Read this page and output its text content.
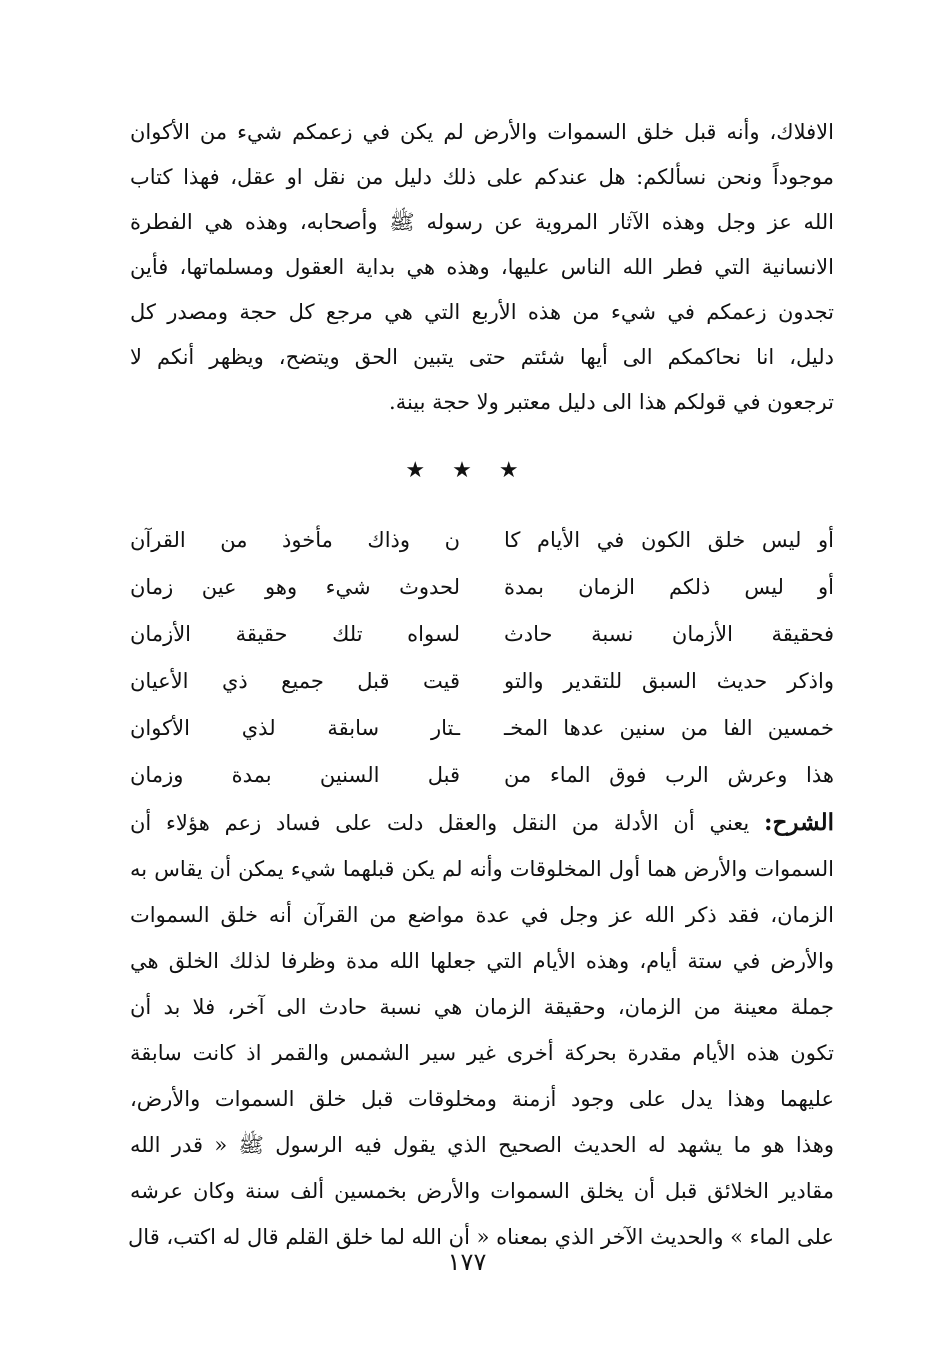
الافلاك، وأنه قبل خلق السموات والأرض لم يكن في زعمكم شيء من الأكوان
موجوداً ونحن نسألكم: هل عندكم على ذلك دليل من نقل او عقل، فهذا كتاب
الله عز وجل وهذه الآثار المروية عن رسوله ﷺ وأصحابه، وهذه هي الفطرة
الانسانية التي فطر الله الناس عليها، وهذه هي بداية العقول ومسلماتها، فأين
تجدون زعمكم في شيء من هذه الأربع التي هي مرجع كل حجة ومصدر كل
دليل، انا نحاكمكم الى أيها شئتم حتى يتبين الحق ويتضح، ويظهر أنكم لا
ترجعون في قولكم هذا الى دليل معتبر ولا حجة بينة.
★ ★ ★
أو ليس خلق الكون في الأيام كا
ن وذاك مأخوذ من القرآن
أو ليس ذلكم الزمان بمدة
لحدوث شيء وهو عين زمان
فحقيقة الأزمان نسبة حادث
لسواه تلك حقيقة الأزمان
واذكر حديث السبق للتقدير والتو
قيت قبل جميع ذي الأعيان
خمسين الفا من سنين عدها المخـ
ـتار سابقة لذي الأكوان
هذا وعرش الرب فوق الماء من
قبل السنين بمدة وزمان
الشرح: يعني أن الأدلة من النقل والعقل دلت على فساد زعم هؤلاء أن
السموات والأرض هما أول المخلوقات وأنه لم يكن قبلهما شيء يمكن أن يقاس به
الزمان، فقد ذكر الله عز وجل في عدة مواضع من القرآن أنه خلق السموات
والأرض في ستة أيام، وهذه الأيام التي جعلها الله مدة وظرفا لذلك الخلق هي
جملة معينة من الزمان، وحقيقة الزمان هي نسبة حادث الى آخر، فلا بد أن
تكون هذه الأيام مقدرة بحركة أخرى غير سير الشمس والقمر اذ كانت سابقة
عليهما وهذا يدل على وجود أزمنة ومخلوقات قبل خلق السموات والأرض،
وهذا هو ما يشهد له الحديث الصحيح الذي يقول فيه الرسول ﷺ « قدر الله
مقادير الخلائق قبل أن يخلق السموات والأرض بخمسين ألف سنة وكان عرشه
على الماء » والحديث الآخر الذي بمعناه « أن الله لما خلق القلم قال له اكتب، قال
١٧٧
